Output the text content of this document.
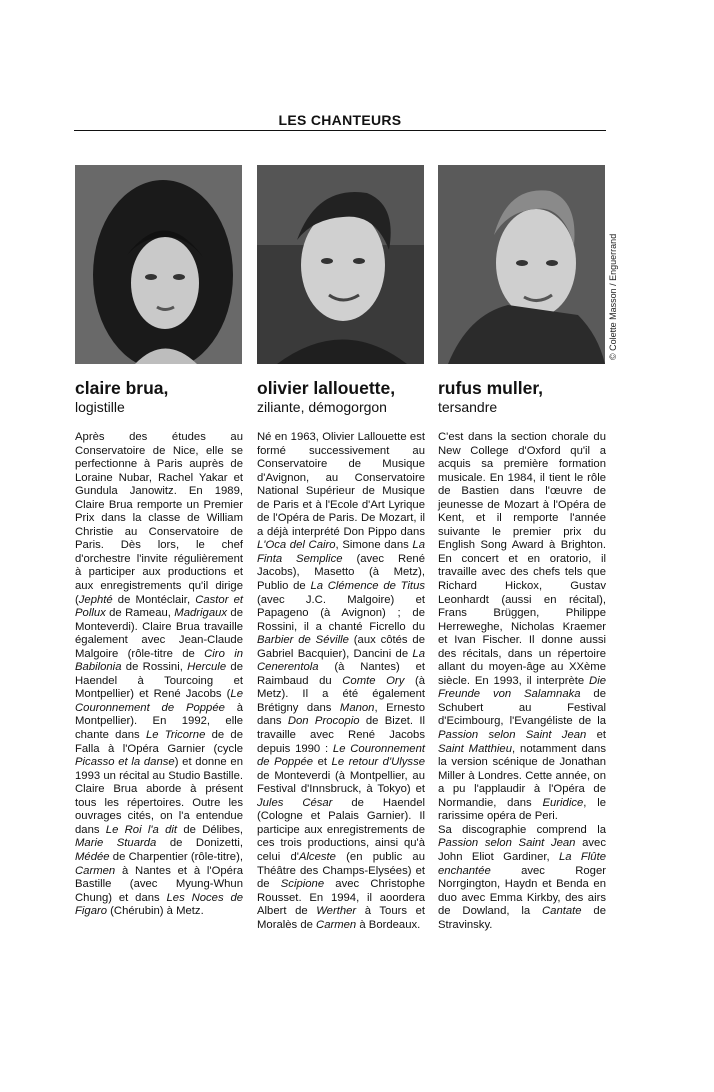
LES CHANTEURS
claire brua,
logistille
Après des études au Conservatoire de Nice, elle se perfectionne à Paris auprès de Loraine Nubar, Rachel Yakar et Gundula Janowitz. En 1989, Claire Brua remporte un Premier Prix dans la classe de William Christie au Conservatoire de Paris. Dès lors, le chef d'orchestre l'invite régulièrement à participer aux productions et aux enregistrements qu'il dirige (Jephté de Montéclair, Castor et Pollux de Rameau, Madrigaux de Monteverdi). Claire Brua travaille également avec Jean-Claude Malgoire (rôle-titre de Ciro in Babilonia de Rossini, Hercule de Haendel à Tourcoing et Montpellier) et René Jacobs (Le Couronnement de Poppée à Montpellier). En 1992, elle chante dans Le Tricorne de de Falla à l'Opéra Garnier (cycle Picasso et la danse) et donne en 1993 un récital au Studio Bastille. Claire Brua aborde à présent tous les répertoires. Outre les ouvrages cités, on l'a entendue dans Le Roi l'a dit de Délibes, Marie Stuarda de Donizetti, Médée de Charpentier (rôle-titre), Carmen à Nantes et à l'Opéra Bastille (avec Myung-Whun Chung) et dans Les Noces de Figaro (Chérubin) à Metz.
olivier lallouette,
ziliante, démogorgon
Né en 1963, Olivier Lallouette est formé successivement au Conservatoire de Musique d'Avignon, au Conservatoire National Supérieur de Musique de Paris et à l'Ecole d'Art Lyrique de l'Opéra de Paris. De Mozart, il a déjà interprété Don Pippo dans L'Oca del Cairo, Simone dans La Finta Semplice (avec René Jacobs), Masetto (à Metz), Publio de La Clémence de Titus (avec J.C. Malgoire) et Papageno (à Avignon) ; de Rossini, il a chanté Ficrello du Barbier de Séville (aux côtés de Gabriel Bacquier), Dancini de La Cenerentola (à Nantes) et Raimbaud du Comte Ory (à Metz). Il a été également Brétigny dans Manon, Ernesto dans Don Procopio de Bizet. Il travaille avec René Jacobs depuis 1990 : Le Couronnement de Poppée et Le retour d'Ulysse de Monteverdi (à Montpellier, au Festival d'Innsbruck, à Tokyo) et Jules César de Haendel (Cologne et Palais Garnier). Il participe aux enregistrements de ces trois productions, ainsi qu'à celui d'Alceste (en public au Théâtre des Champs-Elysées) et de Scipione avec Christophe Rousset. En 1994, il aoordera Albert de Werther à Tours et Moralès de Carmen à Bordeaux.
rufus muller,
tersandre
C'est dans la section chorale du New College d'Oxford qu'il a acquis sa première formation musicale. En 1984, il tient le rôle de Bastien dans l'œuvre de jeunesse de Mozart à l'Opéra de Kent, et il remporte l'année suivante le premier prix du English Song Award à Brighton. En concert et en oratorio, il travaille avec des chefs tels que Richard Hickox, Gustav Leonhardt (aussi en récital), Frans Brüggen, Philippe Herreweghe, Nicholas Kraemer et Ivan Fischer. Il donne aussi des récitals, dans un répertoire allant du moyen-âge au XXème siècle. En 1993, il interprète Die Freunde von Salamnaka de Schubert au Festival d'Ecimbourg, l'Evangéliste de la Passion selon Saint Jean et Saint Matthieu, notamment dans la version scénique de Jonathan Miller à Londres. Cette année, on a pu l'applaudir à l'Opéra de Normandie, dans Euridice, le rarissime opéra de Peri.
Sa discographie comprend la Passion selon Saint Jean avec John Eliot Gardiner, La Flûte enchantée avec Roger Norrgington, Haydn et Benda en duo avec Emma Kirkby, des airs de Dowland, la Cantate de Stravinsky.
© Colette Masson / Enguerrand
